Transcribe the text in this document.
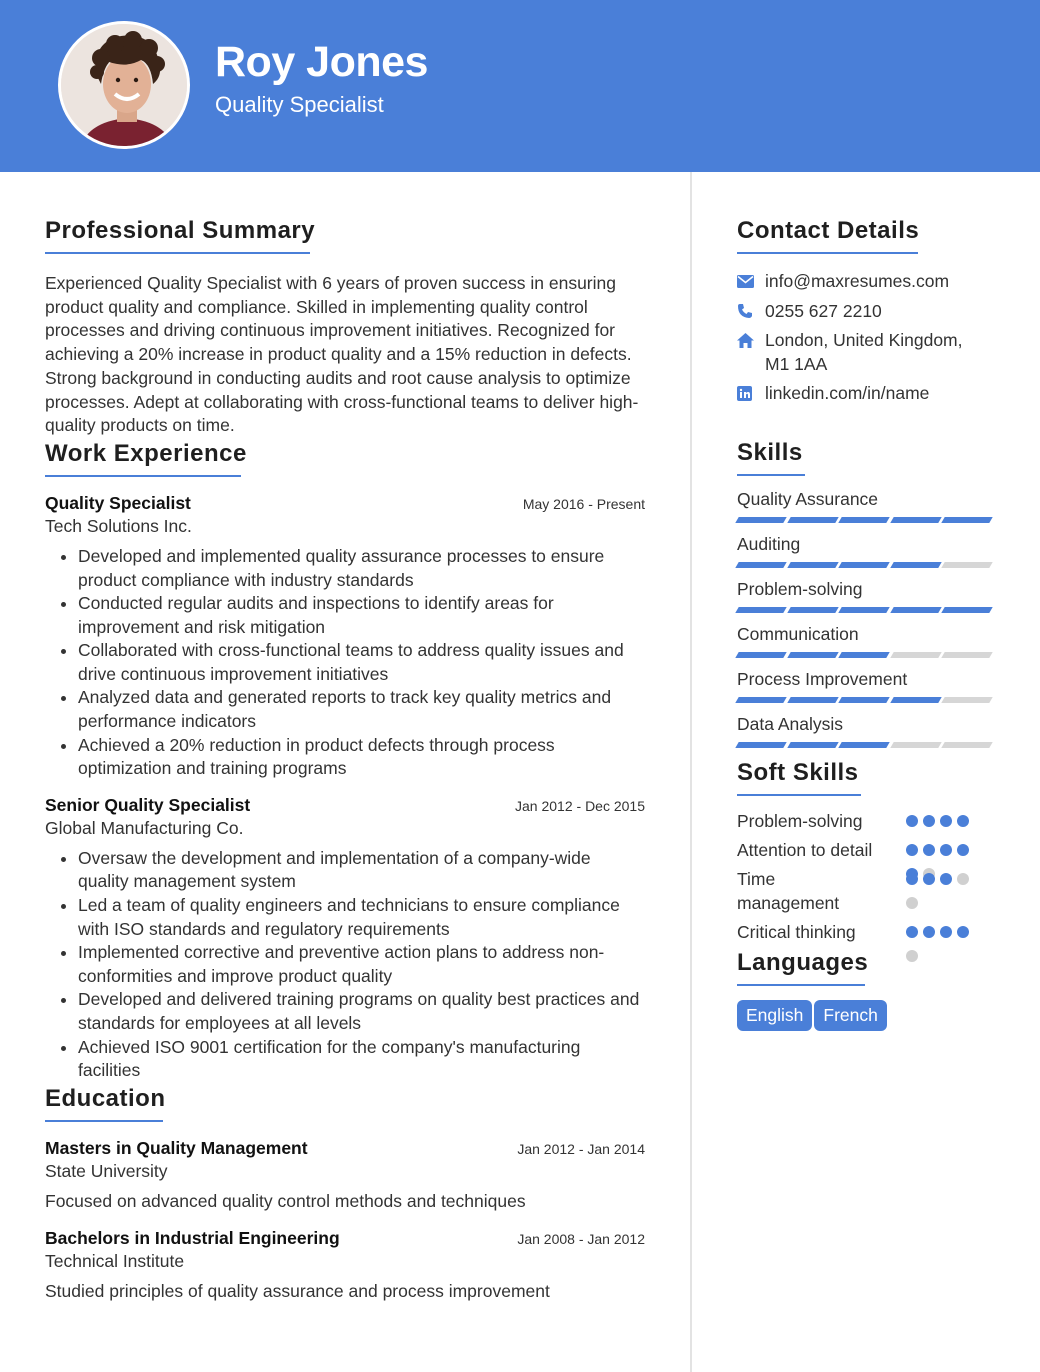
Roy Jones
Quality Specialist
Professional Summary

Experienced Quality Specialist with 6 years of proven success in ensuring product quality and compliance. Skilled in implementing quality control processes and driving continuous improvement initiatives. Recognized for achieving a 20% increase in product quality and a 15% reduction in defects. Strong background in conducting audits and root cause analysis to optimize processes. Adept at collaborating with cross-functional teams to deliver high-quality products on time.

Work Experience
Quality Specialist	May 2016 - Present
Tech Solutions Inc.
• Developed and implemented quality assurance processes to ensure product compliance with industry standards
• Conducted regular audits and inspections to identify areas for improvement and risk mitigation
• Collaborated with cross-functional teams to address quality issues and drive continuous improvement initiatives
• Analyzed data and generated reports to track key quality metrics and performance indicators
• Achieved a 20% reduction in product defects through process optimization and training programs
Senior Quality Specialist	Jan 2012 - Dec 2015
Global Manufacturing Co.
• Oversaw the development and implementation of a company-wide quality management system
• Led a team of quality engineers and technicians to ensure compliance with ISO standards and regulatory requirements
• Implemented corrective and preventive action plans to address non-conformities and improve product quality
• Developed and delivered training programs on quality best practices and standards for employees at all levels
• Achieved ISO 9001 certification for the company's manufacturing facilities
Education
Masters in Quality Management	Jan 2012 - Jan 2014
State University
Focused on advanced quality control methods and techniques
Bachelors in Industrial Engineering	Jan 2008 - Jan 2012
Technical Institute
Studied principles of quality assurance and process improvement
Contact Details
info@maxresumes.com
0255 627 2210
London, United Kingdom, M1 1AA
linkedin.com/in/name
Skills
Quality Assurance
Auditing
Problem-solving
Communication
Process Improvement
Data Analysis
Soft Skills
Problem-solving
Attention to detail
Time management
Critical thinking
Languages
English French
